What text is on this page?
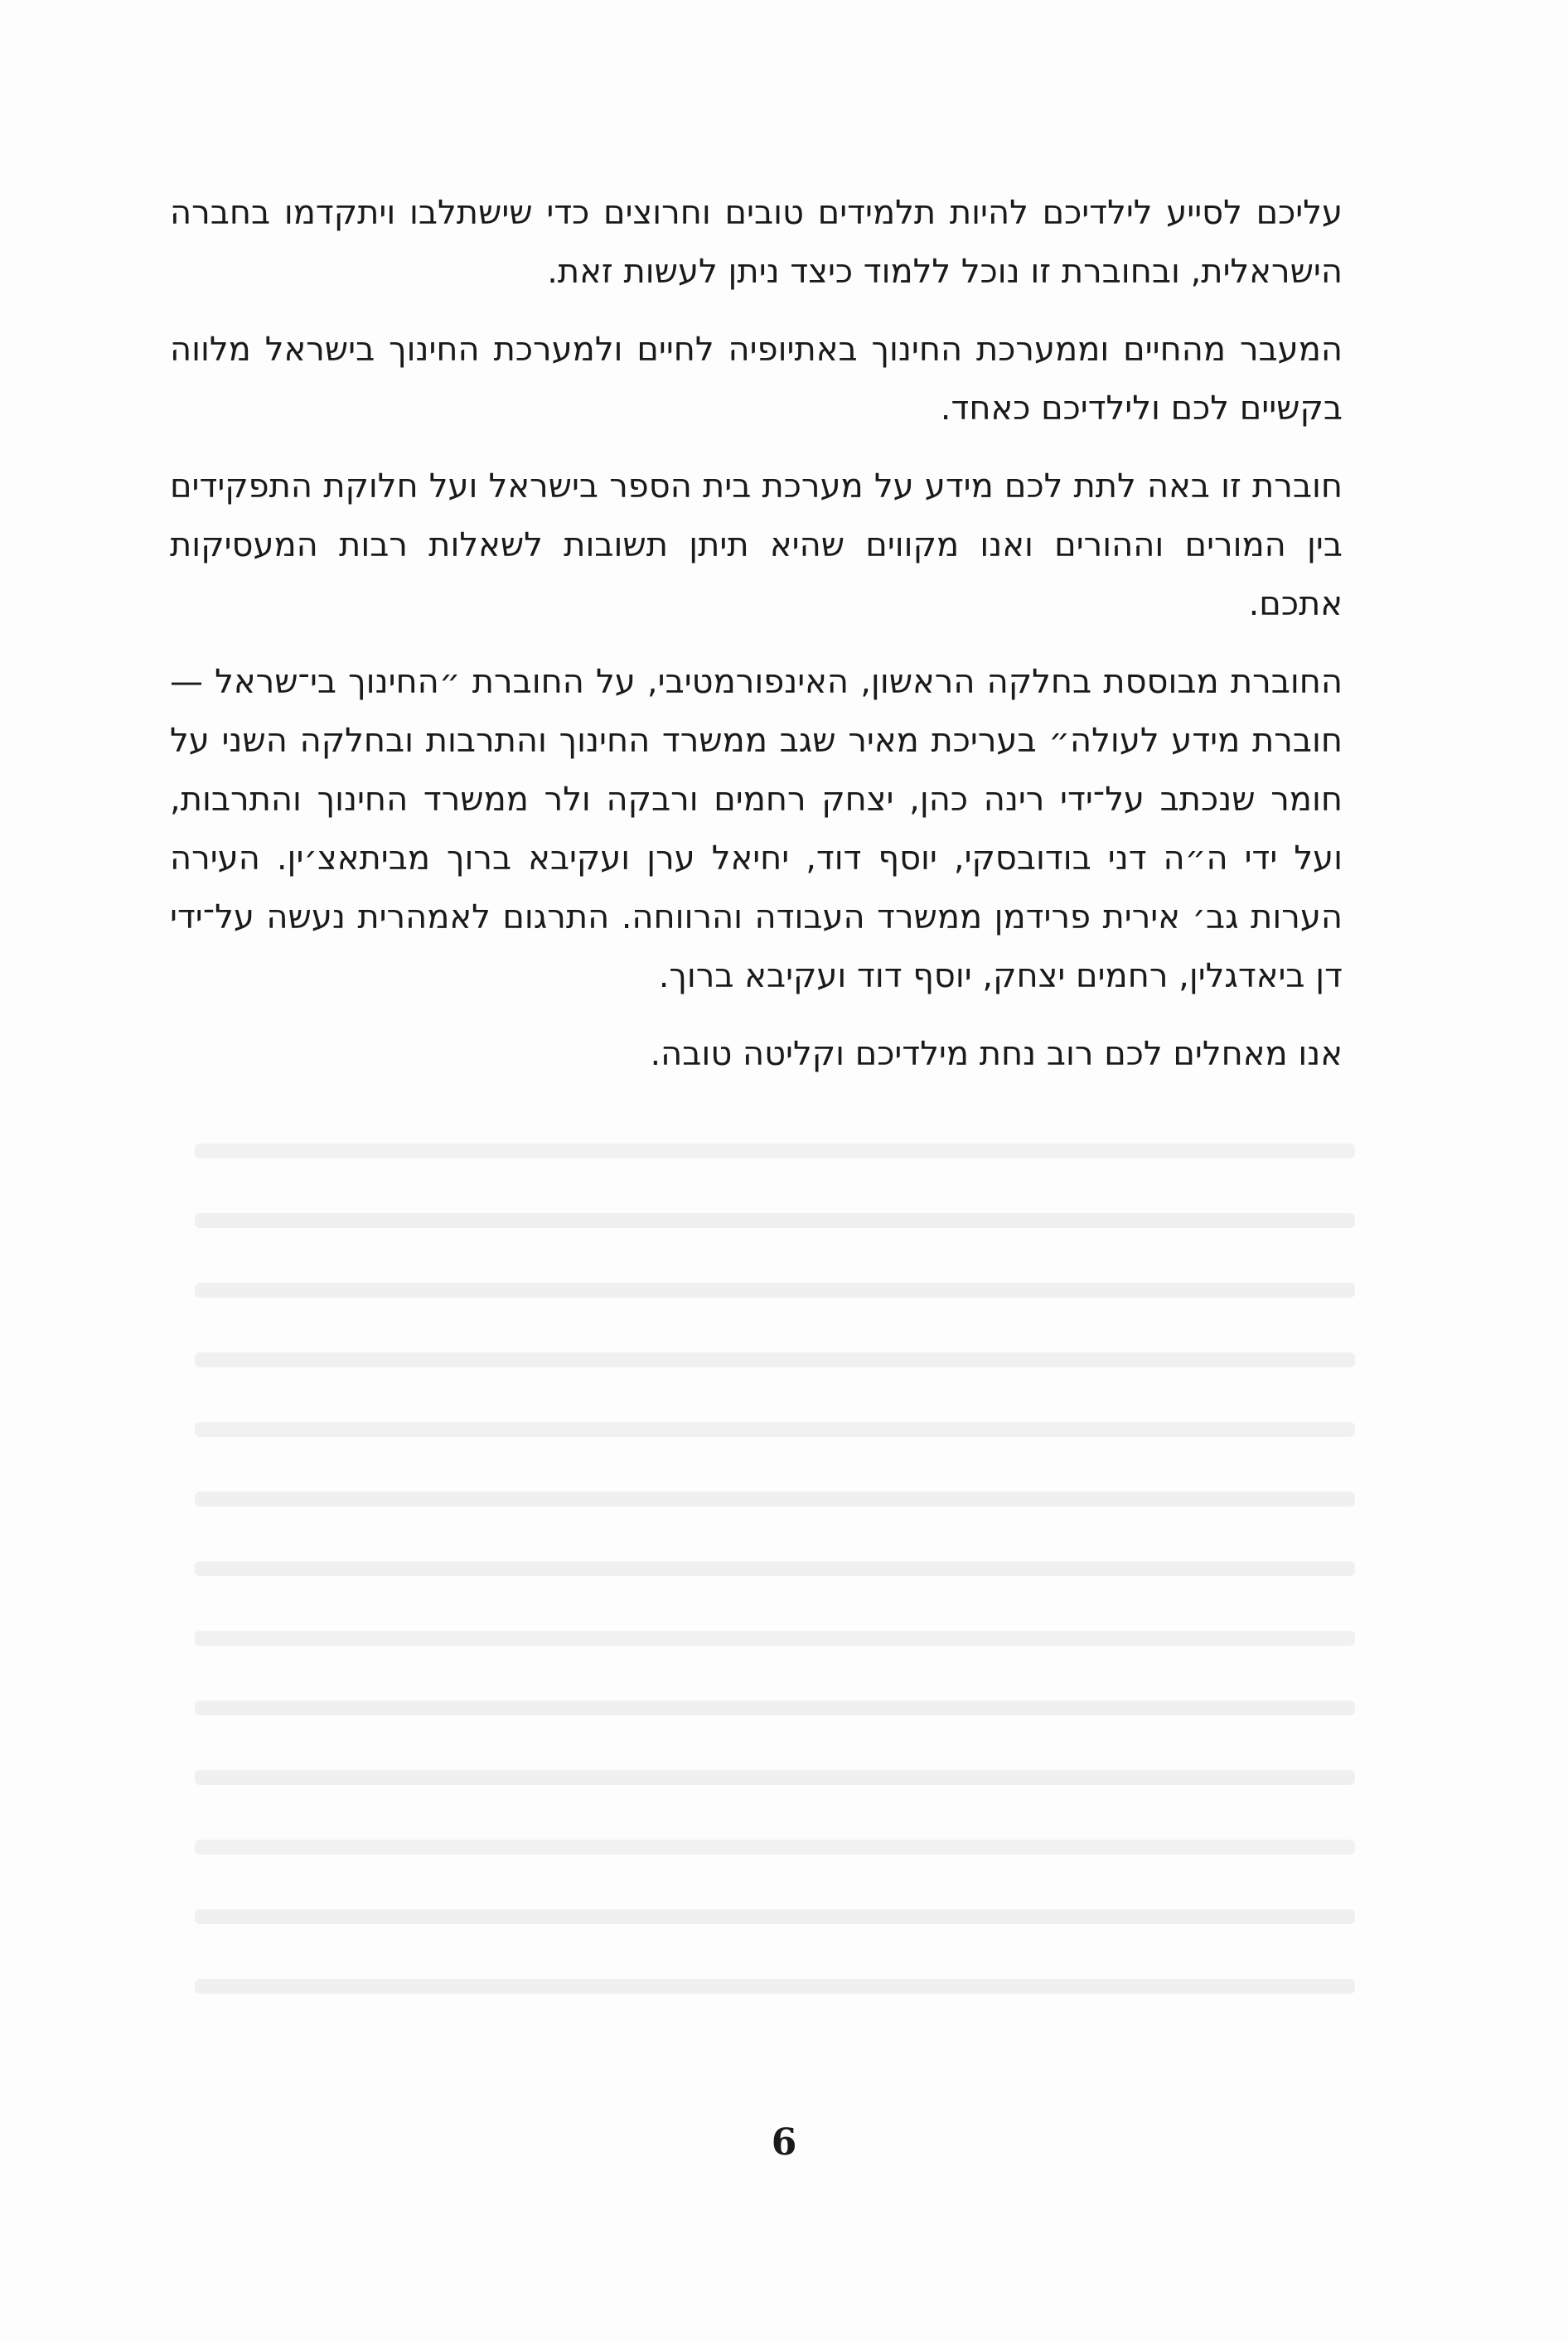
עליכם לסייע לילדיכם להיות תלמידים טובים וחרוצים כדי שישתלבו ויתקדמו בחברה הישראלית, ובחוברת זו נוכל ללמוד כיצד ניתן לעשות זאת.

המעבר מהחיים וממערכת החינוך באתיופיה לחיים ולמערכת החינוך בישראל מלווה בקשיים לכם ולילדיכם כאחד.

חוברת זו באה לתת לכם מידע על מערכת בית הספר בישראל ועל חלוקת התפקידים בין המורים וההורים ואנו מקווים שהיא תיתן תשובות לשאלות רבות המעסיקות אתכם.

החוברת מבוססת בחלקה הראשון, האינפורמטיבי, על החוברת ״החינוך בי־שראל — חוברת מידע לעולה״ בעריכת מאיר שגב ממשרד החינוך והתרבות ובחלקה השני על חומר שנכתב על־ידי רינה כהן, יצחק רחמים ורבקה ולר ממשרד החינוך והתרבות, ועל ידי ה״ה דני בודובסקי, יוסף דוד, יחיאל ערן ועקיבא ברוך מביתאצ׳ין. העירה הערות גב׳ אירית פרידמן ממשרד העבודה והרווחה. התרגום לאמהרית נעשה על־ידי דן ביאדגלין, רחמים יצחק, יוסף דוד ועקיבא ברוך.

אנו מאחלים לכם רוב נחת מילדיכם וקליטה טובה.

6
